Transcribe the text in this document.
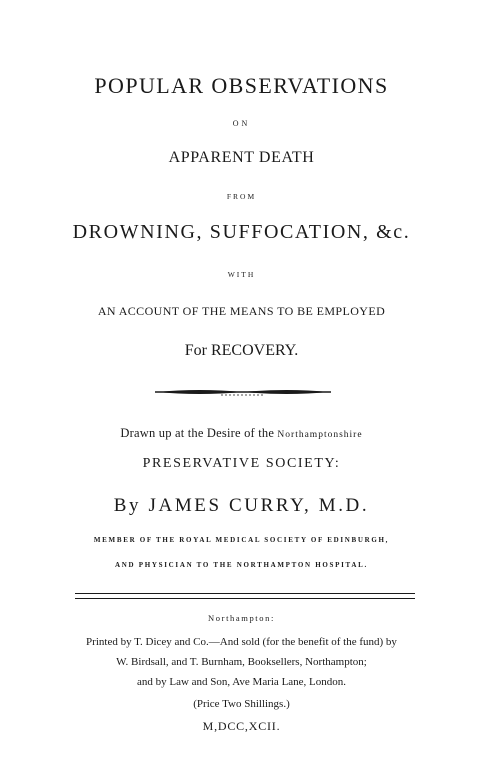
POPULAR OBSERVATIONS
ON
APPARENT DEATH
FROM
DROWNING, SUFFOCATION, &c.
WITH
AN ACCOUNT OF THE MEANS TO BE EMPLOYED
For RECOVERY.
Drawn up at the Desire of the Northamptonshire
PRESERVATIVE SOCIETY:
By JAMES CURRY, M.D.
MEMBER OF THE ROYAL MEDICAL SOCIETY OF EDINBURGH,
AND PHYSICIAN TO THE NORTHAMPTON HOSPITAL.
Northampton:
Printed by T. Dicey and Co.—And sold (for the benefit of the fund) by
W. Birdsall, and T. Burnham, Booksellers, Northampton;
and by Law and Son, Ave Maria Lane, London.
(Price Two Shillings.)
M,DCC,XCII.
